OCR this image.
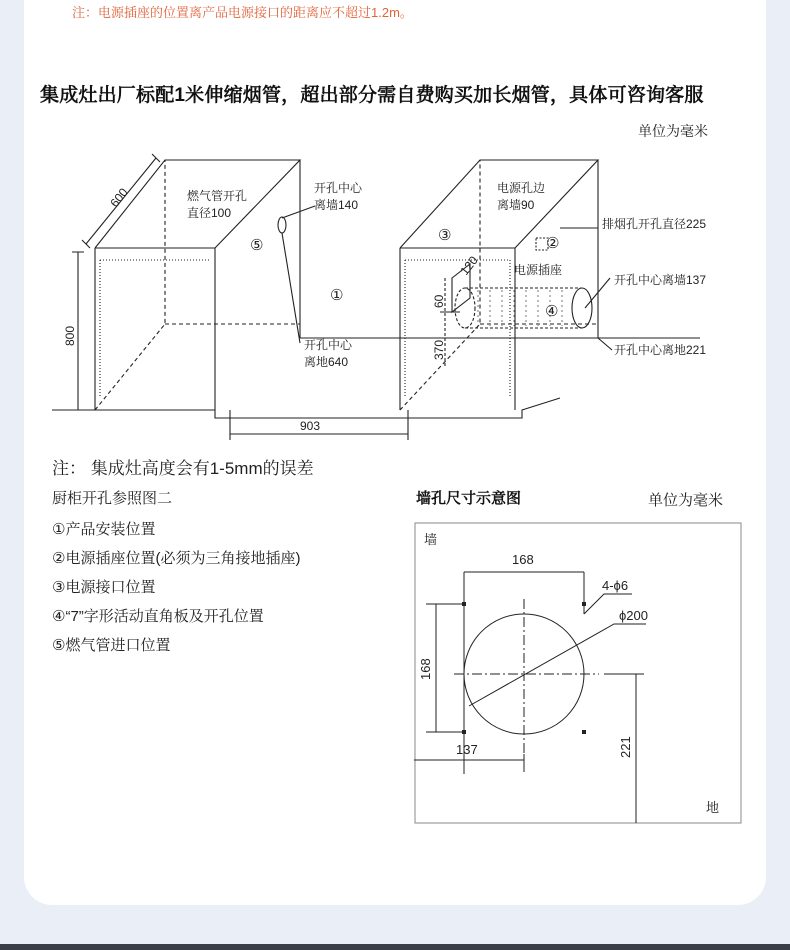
注：电源插座的位置离产品电源接口的距离应不超过1.2m。
集成灶出厂标配1米伸缩烟管，超出部分需自费购买加长烟管，具体可咨询客服
单位为毫米
600
800
903
120
60
370
燃气管开孔
直径100
开孔中心
离墙140
开孔中心
离地640
电源孔边
离墙90
排烟孔开孔直径225
电源插座
开孔中心离墙137
开孔中心离地221
①
②
③
④
⑤
注： 集成灶高度会有1-5mm的误差
厨柜开孔参照图二
①产品安装位置
②电源插座位置(必须为三角接地插座)
③电源接口位置
④“7”字形活动直角板及开孔位置
⑤燃气管进口位置
墙孔尺寸示意图	单位为毫米
墙
地
168
168
137	221
4-ϕ6
ϕ200
